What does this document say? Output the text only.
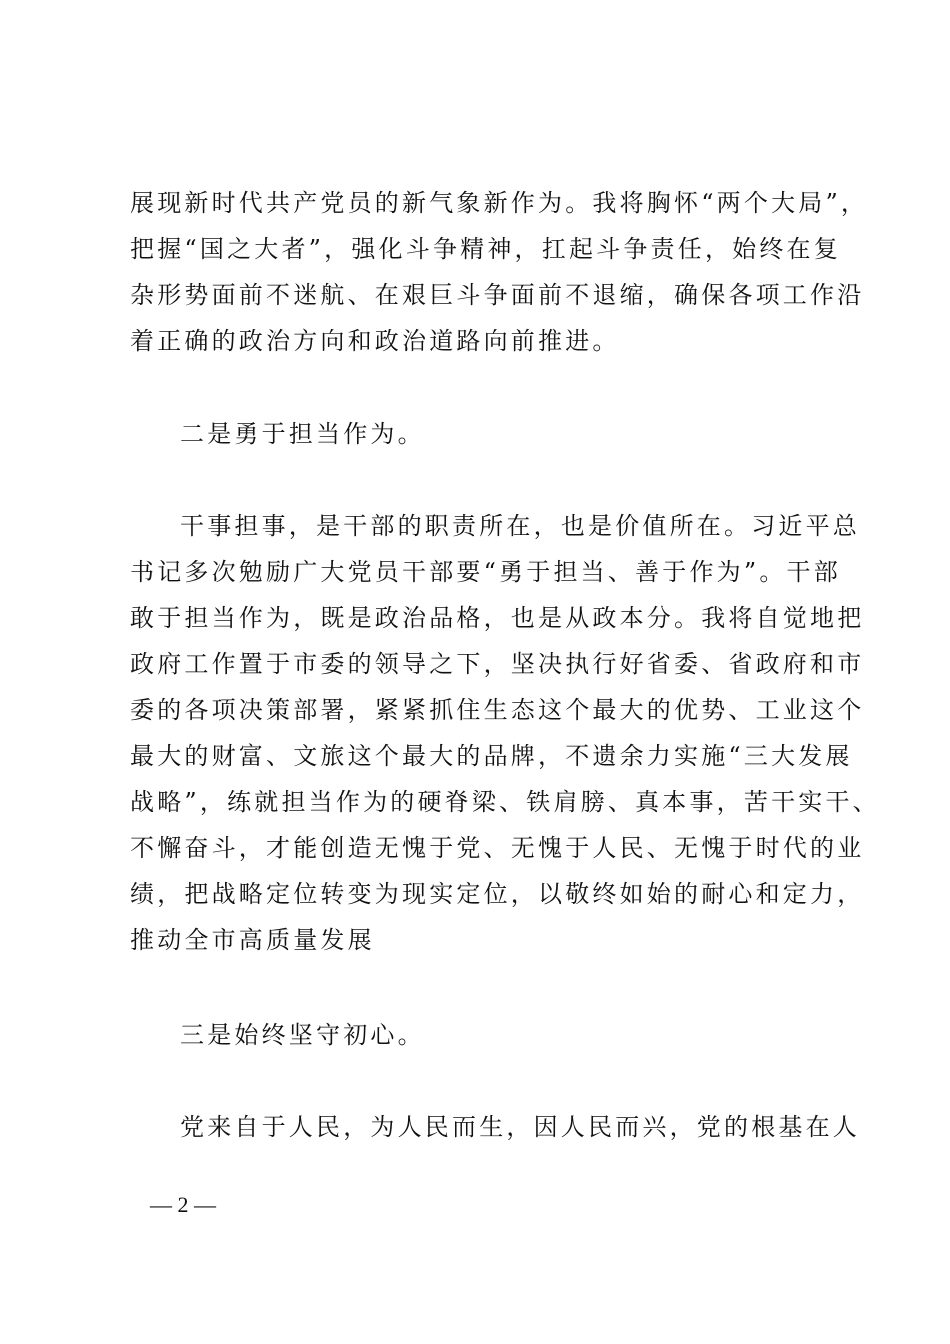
展现新时代共产党员的新气象新作为。我将胸怀“两个大局”，
把握“国之大者”，强化斗争精神，扛起斗争责任，始终在复
杂形势面前不迷航、在艰巨斗争面前不退缩，确保各项工作沿
着正确的政治方向和政治道路向前推进。
二是勇于担当作为。
干事担事，是干部的职责所在，也是价值所在。习近平总
书记多次勉励广大党员干部要“勇于担当、善于作为”。干部
敢于担当作为，既是政治品格，也是从政本分。我将自觉地把
政府工作置于市委的领导之下，坚决执行好省委、省政府和市
委的各项决策部署，紧紧抓住生态这个最大的优势、工业这个
最大的财富、文旅这个最大的品牌，不遗余力实施“三大发展
战略”，练就担当作为的硬脊梁、铁肩膀、真本事，苦干实干、
不懈奋斗，才能创造无愧于党、无愧于人民、无愧于时代的业
绩，把战略定位转变为现实定位，以敬终如始的耐心和定力，
推动全市高质量发展
三是始终坚守初心。
党来自于人民，为人民而生，因人民而兴，党的根基在人
— 2 —
